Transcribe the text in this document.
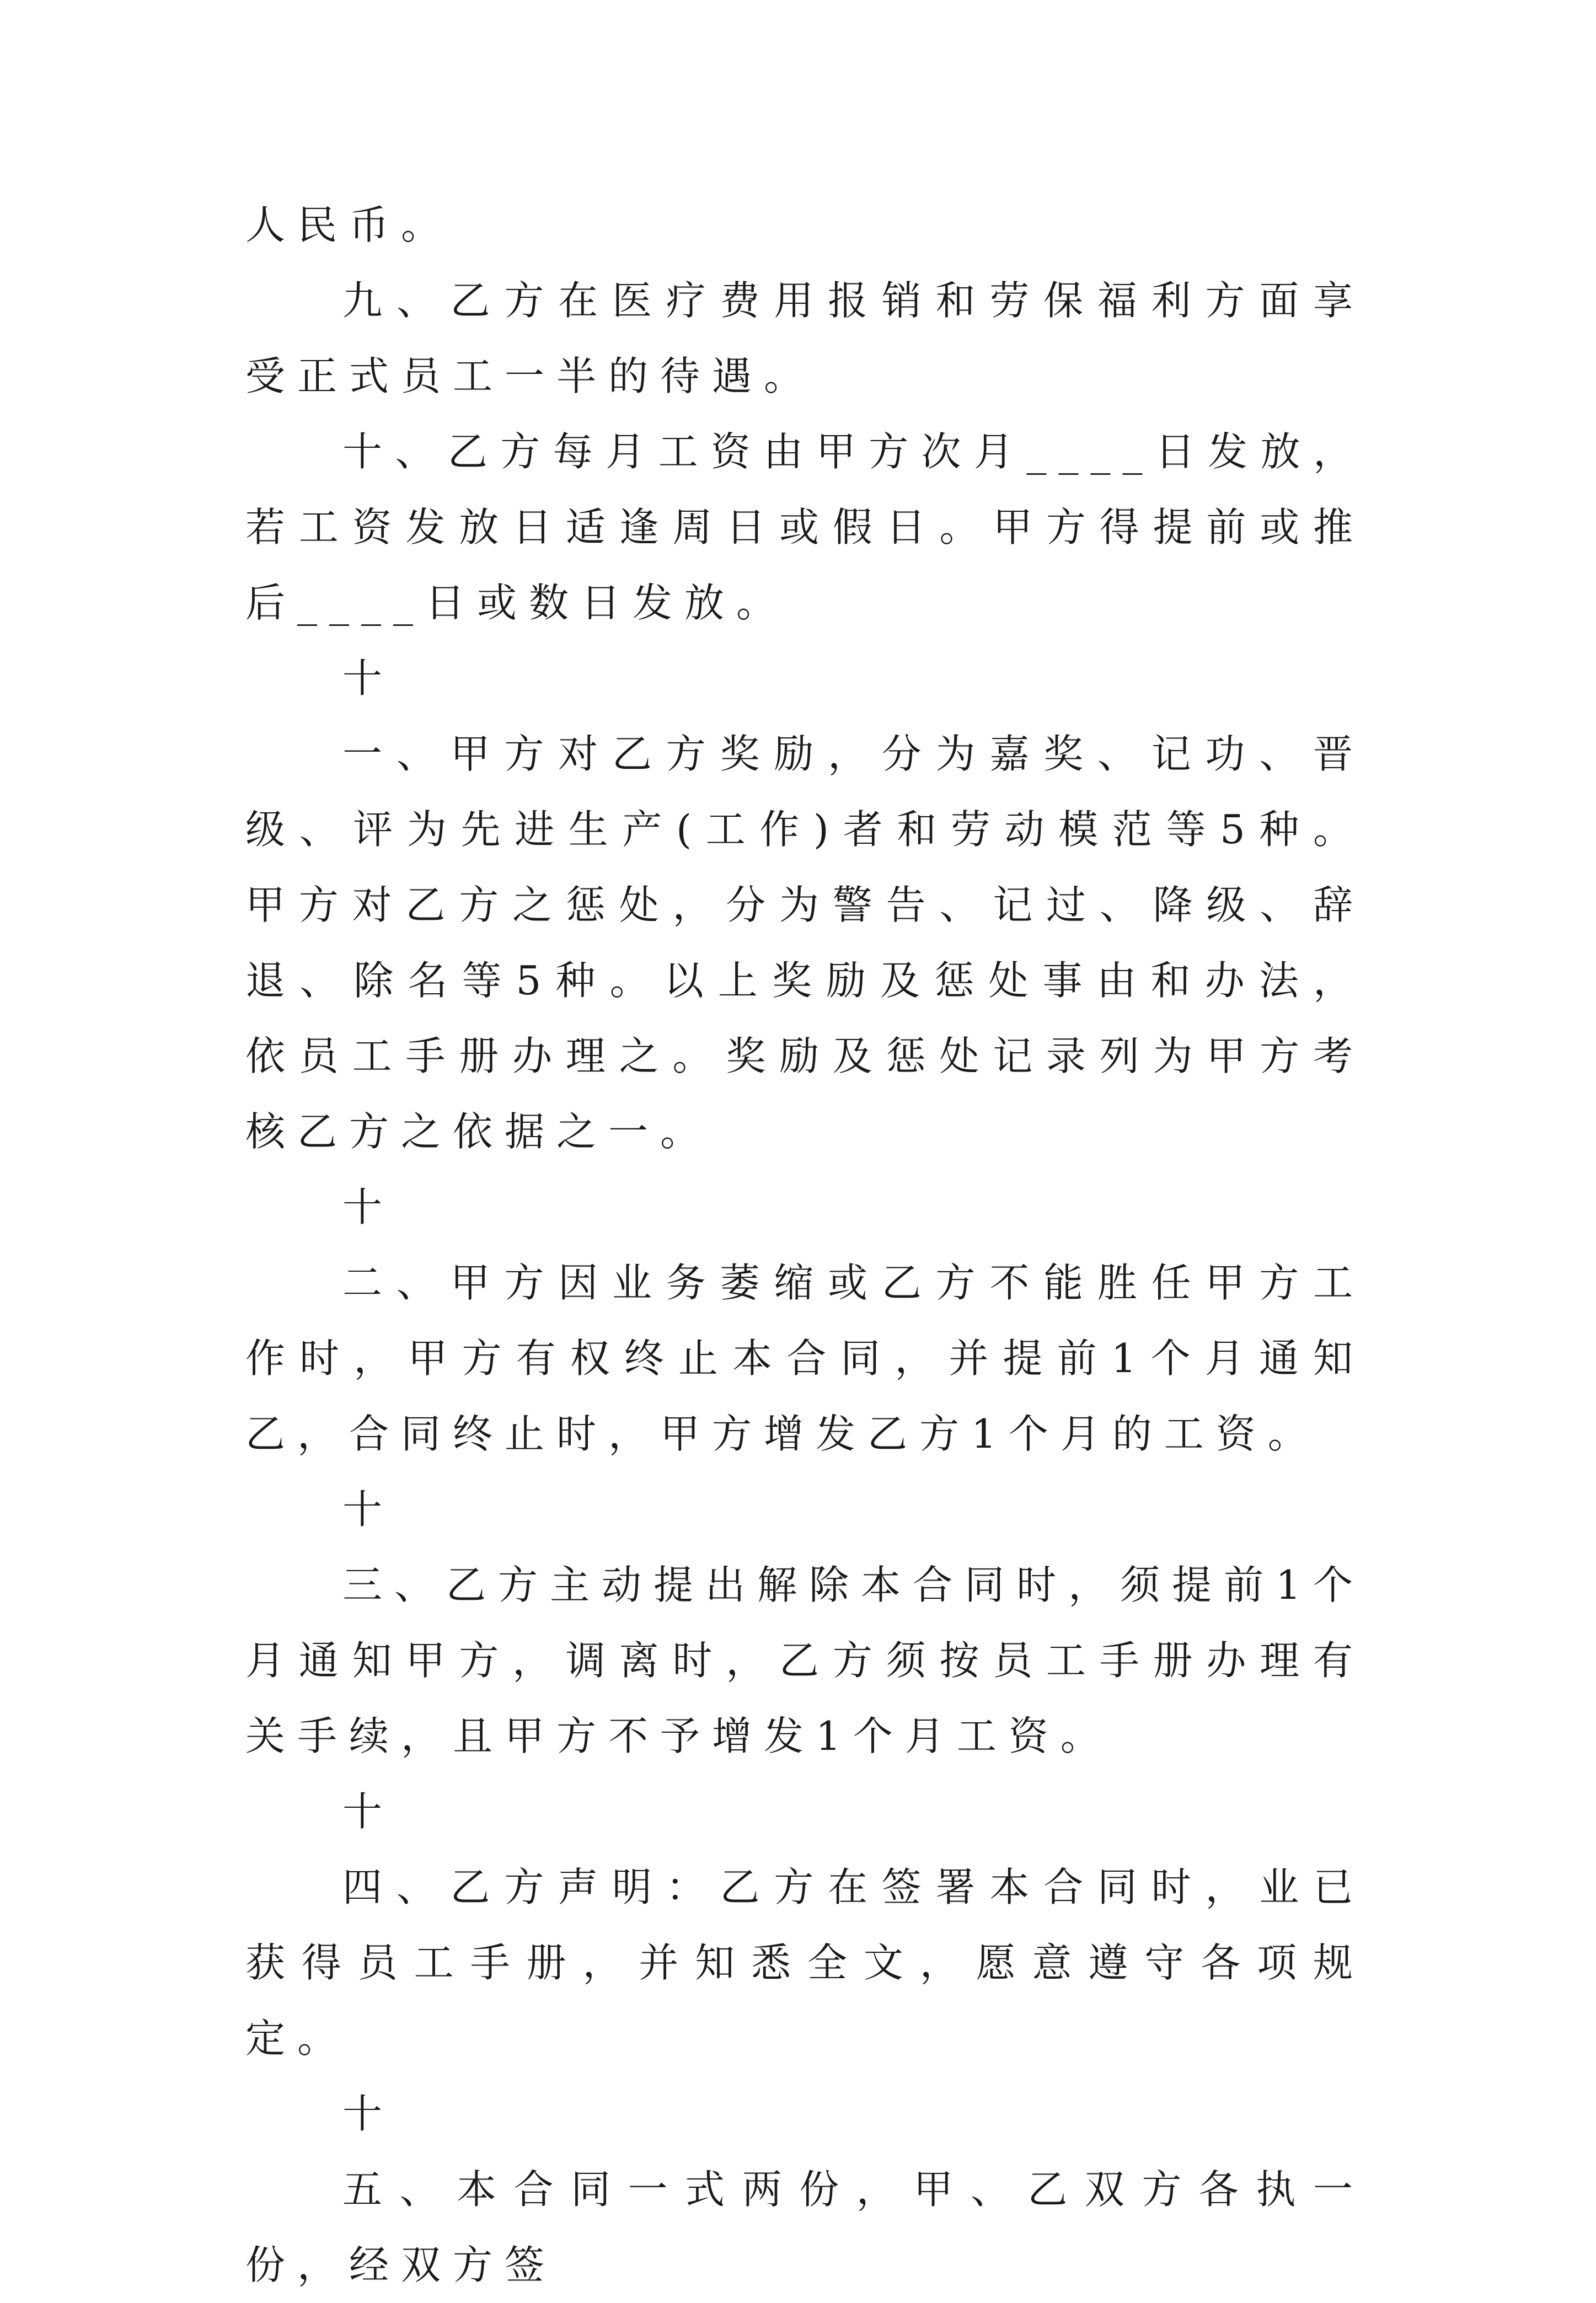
人民币。

九、乙方在医疗费用报销和劳保福利方面享受正式员工一半的待遇。

十、乙方每月工资由甲方次月____日发放，若工资发放日适逢周日或假日。甲方得提前或推后____日或数日发放。

十

一、甲方对乙方奖励，分为嘉奖、记功、晋级、评为先进生产(工作)者和劳动模范等5种。甲方对乙方之惩处，分为警告、记过、降级、辞退、除名等5种。以上奖励及惩处事由和办法，依员工手册办理之。奖励及惩处记录列为甲方考核乙方之依据之一。

十

二、甲方因业务萎缩或乙方不能胜任甲方工作时，甲方有权终止本合同，并提前1个月通知乙，合同终止时，甲方增发乙方1个月的工资。

十

三、乙方主动提出解除本合同时，须提前1个月通知甲方，调离时，乙方须按员工手册办理有关手续，且甲方不予增发1个月工资。

十

四、乙方声明：乙方在签署本合同时，业已获得员工手册，并知悉全文，愿意遵守各项规定。

十

五、本合同一式两份，甲、乙双方各执一份，经双方签
